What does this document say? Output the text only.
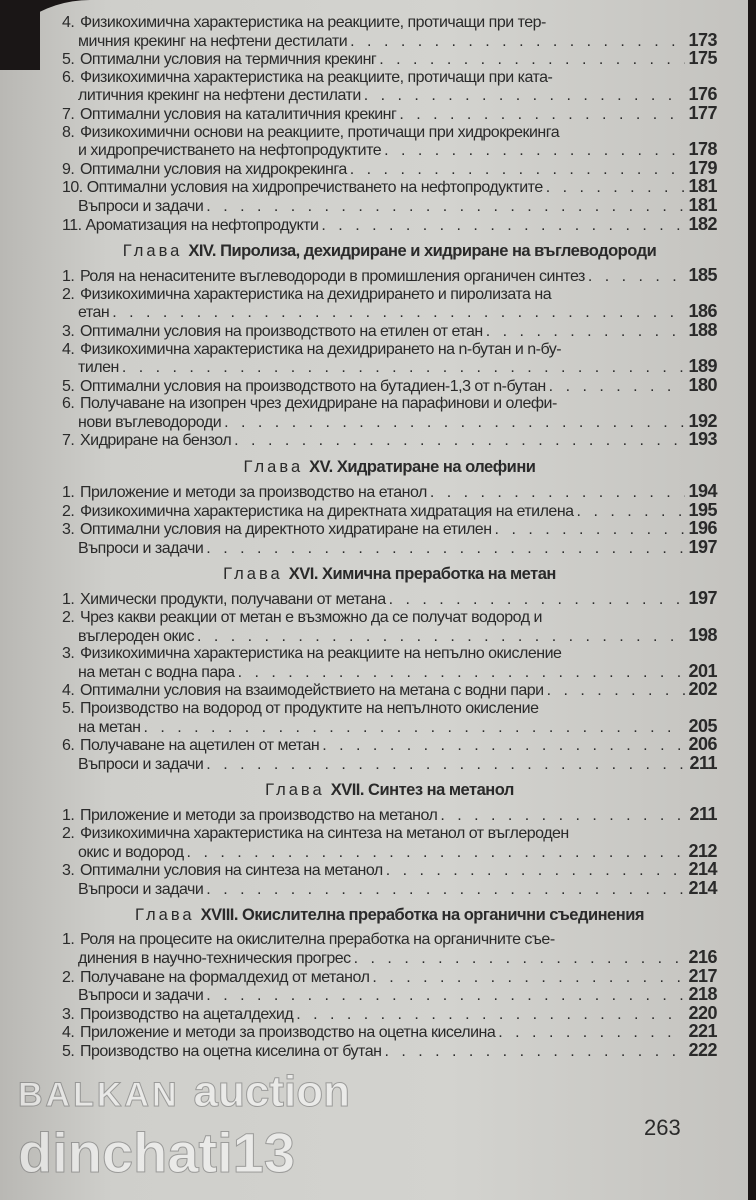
4. Физикохимична характеристика на реакциите, протичащи при тер-
мичния крекинг на нефтени дестилати . . .	173
5. Оптимални условия на термичния крекинг . . .	175
6. Физикохимична характеристика на реакциите, протичащи при ката-
литичния крекинг на нефтени дестилати . . .	176
7. Оптимални условия на каталитичния крекинг . . .	177
8. Физикохимични основи на реакциите, протичащи при хидрокрекинга
и хидропречистването на нефтопродуктите . . .	178
9. Оптимални условия на хидрокрекинга . . .	179
10. Оптимални условия на хидропречистването на нефтопродуктите . . .	181
Въпроси и задачи . . .	181
11. Ароматизация на нефтопродукти . . .	182
Глава XIV. Пиролиза, дехидриране и хидриране на въглеводороди
1. Роля на ненаситените въглеводороди в промишления органичен синтез . . .	185
2. Физикохимична характеристика на дехидрирането и пиролизата на
етан . . .	186
3. Оптимални условия на производството на етилен от етан . . .	188
4. Физикохимична характеристика на дехидрирането на n-бутан и n-бу-
тилен . . .	189
5. Оптимални условия на производството на бутадиен-1,3 от n-бутан . . .	180
6. Получаване на изопрен чрез дехидриране на парафинови и олефи-
нови въглеводороди . . .	192
7. Хидриране на бензол . . .	193
Глава XV. Хидратиране на олефини
1. Приложение и методи за производство на етанол . . .	194
2. Физикохимична характеристика на директната хидратация на етилена . . .	195
3. Оптимални условия на директното хидратиране на етилен . . .	196
Въпроси и задачи . . .	197
Глава XVI. Химична преработка на метан
1. Химически продукти, получавани от метана . . .	197
2. Чрез какви реакции от метан е възможно да се получат водород и
въглероден окис . . .	198
3. Физикохимична характеристика на реакциите на непълно окисление
на метан с водна пара . . .	201
4. Оптимални условия на взаимодействието на метана с водни пари . . .	202
5. Производство на водород от продуктите на непълното окисление
на метан . . .	205
6. Получаване на ацетилен от метан . . .	206
Въпроси и задачи . . .	211
Глава XVII. Синтез на метанол
1. Приложение и методи за производство на метанол . . .	211
2. Физикохимична характеристика на синтеза на метанол от въглероден
окис и водород . . .	212
3. Оптимални условия на синтеза на метанол . . .	214
Въпроси и задачи . . .	214
Глава XVIII. Окислителна преработка на органични съединения
1. Роля на процесите на окислителна преработка на органичните съе-
динения в научно-техническия прогрес . . .	216
2. Получаване на формалдехид от метанол . . .	217
Въпроси и задачи . . .	218
3. Производство на ацеталдехид . . .	220
4. Приложение и методи за производство на оцетна киселина . . .	221
5. Производство на оцетна киселина от бутан . . .	222
263
BALKAN auction
dinchati13
